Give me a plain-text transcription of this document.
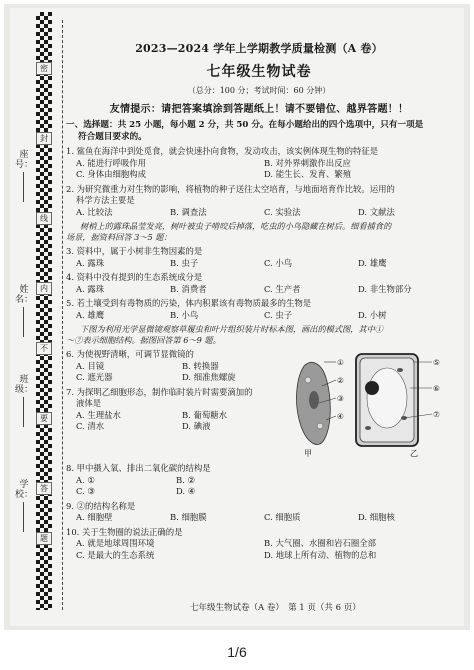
密
封
线
内
不
要
答
题
座号：
姓名：
班级：
学校：
2023—2024 学年上学期教学质量检测（A 卷）
七年级生物试卷
（总分：100 分；考试时间：60 分钟）
友情提示：请把答案填涂到答题纸上！请不要错位、越界答题！！
一、选择题：共 25 小题，每小题 2 分，共 50 分。在每小题给出的四个选项中，只有一项是
符合题目要求的。
1. 鲨鱼在海洋中到处觅食，就会快速扑向食物，发动攻击，该实例体现生物的特征是
A. 能进行呼吸作用	B. 对外界刺激作出反应
C. 身体由细胞构成	D. 能生长、发育、繁殖
2. 为研究微重力对生物的影响，将植物的种子送往太空培育，与地面培育作比较。运用的
科学方法主要是
A. 比较法	B. 调查法	C. 实验法	D. 文献法
树梢上的露珠晶莹发亮，树叶被虫子啃咬后掉落，吃虫的小鸟隐藏在树后。细看捕食的
场景，据资料回答 3～5 题：
3. 资料中，属于小树非生物因素的是
A. 露珠	B. 虫子	C. 小鸟	D. 雄鹰
4. 资料中没有提到的生态系统成分是
A. 露珠	B. 消费者	C. 生产者	D. 非生物部分
5. 若土壤受到有毒物质的污染，体内积累该有毒物质最多的生物是
A. 雄鹰	B. 小鸟	C. 虫子	D. 小树
下图为利用光学显微镜观察草履虫和叶片组织装片时标本图，画出的模式图，其中①
～⑦表示细胞结构。据图回答第 6～9 题。
6. 为使视野清晰，可调节显微镜的
A. 目镜	B. 转换器
C. 遮光器	D. 细准焦螺旋
7. 为探明乙细胞形态，制作临时装片时需要滴加的
液体是
A. 生理盐水	B. 葡萄糖水
C. 清水	D. 碘液
①
②
③
④
甲
⑤
⑥
⑦
乙
8. 甲中摄入氧、排出二氧化碳的结构是
A. ①	B. ②
C. ③	D. ④
9. ②的结构名称是
A. 细胞壁	B. 细胞膜	C. 细胞质	D. 细胞核
10. 关于生物圈的说法正确的是
A. 就是地球周围环境	B. 大气圈、水圈和岩石圈全部
C. 是最大的生态系统	D. 地球上所有动、植物的总和
七年级生物试卷（A 卷）　第 1 页（共 6 页）
1/6
